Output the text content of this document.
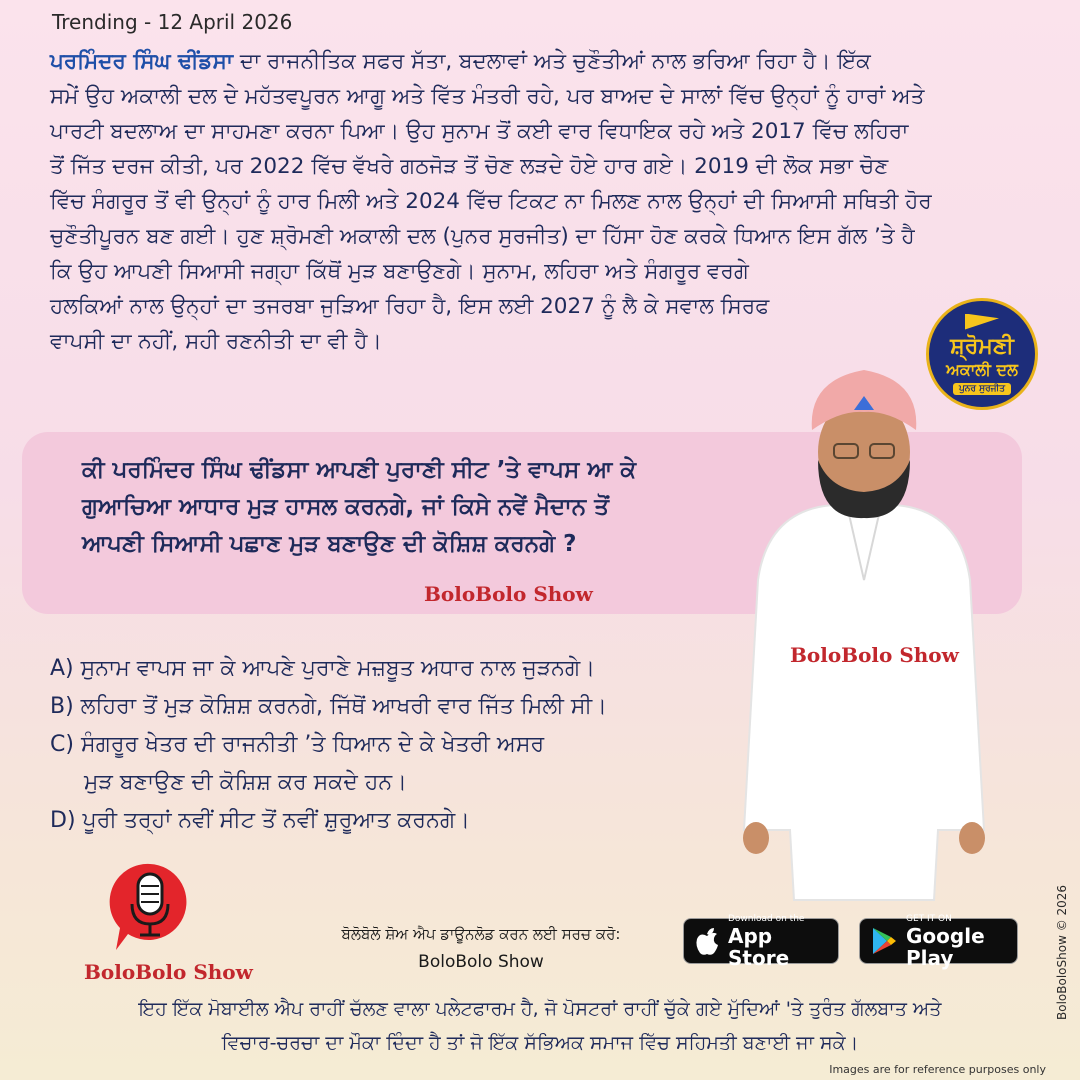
Trending - 12 April 2026
ਪਰਮਿੰਦਰ ਸਿੰਘ ਢੀਂਡਸਾ ਦਾ ਰਾਜਨੀਤਿਕ ਸਫਰ ਸੱਤਾ, ਬਦਲਾਵਾਂ ਅਤੇ ਚੁਣੌਤੀਆਂ ਨਾਲ ਭਰਿਆ ਰਿਹਾ ਹੈ। ਇੱਕ
ਸਮੇਂ ਉਹ ਅਕਾਲੀ ਦਲ ਦੇ ਮਹੱਤਵਪੂਰਨ ਆਗੂ ਅਤੇ ਵਿੱਤ ਮੰਤਰੀ ਰਹੇ, ਪਰ ਬਾਅਦ ਦੇ ਸਾਲਾਂ ਵਿੱਚ ਉਨ੍ਹਾਂ ਨੂੰ ਹਾਰਾਂ ਅਤੇ
ਪਾਰਟੀ ਬਦਲਾਅ ਦਾ ਸਾਹਮਣਾ ਕਰਨਾ ਪਿਆ। ਉਹ ਸੁਨਾਮ ਤੋਂ ਕਈ ਵਾਰ ਵਿਧਾਇਕ ਰਹੇ ਅਤੇ 2017 ਵਿੱਚ ਲਹਿਰਾ
ਤੋਂ ਜਿੱਤ ਦਰਜ ਕੀਤੀ, ਪਰ 2022 ਵਿੱਚ ਵੱਖਰੇ ਗਠਜੋੜ ਤੋਂ ਚੋਣ ਲੜਦੇ ਹੋਏ ਹਾਰ ਗਏ। 2019 ਦੀ ਲੋਕ ਸਭਾ ਚੋਣ
ਵਿੱਚ ਸੰਗਰੂਰ ਤੋਂ ਵੀ ਉਨ੍ਹਾਂ ਨੂੰ ਹਾਰ ਮਿਲੀ ਅਤੇ 2024 ਵਿੱਚ ਟਿਕਟ ਨਾ ਮਿਲਣ ਨਾਲ ਉਨ੍ਹਾਂ ਦੀ ਸਿਆਸੀ ਸਥਿਤੀ ਹੋਰ
ਚੁਣੌਤੀਪੂਰਨ ਬਣ ਗਈ। ਹੁਣ ਸ਼੍ਰੋਮਣੀ ਅਕਾਲੀ ਦਲ (ਪੁਨਰ ਸੁਰਜੀਤ) ਦਾ ਹਿੱਸਾ ਹੋਣ ਕਰਕੇ ਧਿਆਨ ਇਸ ਗੱਲ ’ਤੇ ਹੈ
ਕਿ ਉਹ ਆਪਣੀ ਸਿਆਸੀ ਜਗ੍ਹਾ ਕਿੱਥੋਂ ਮੁੜ ਬਣਾਉਣਗੇ। ਸੁਨਾਮ, ਲਹਿਰਾ ਅਤੇ ਸੰਗਰੂਰ ਵਰਗੇ
ਹਲਕਿਆਂ ਨਾਲ ਉਨ੍ਹਾਂ ਦਾ ਤਜਰਬਾ ਜੁੜਿਆ ਰਿਹਾ ਹੈ, ਇਸ ਲਈ 2027 ਨੂੰ ਲੈ ਕੇ ਸਵਾਲ ਸਿਰਫ
ਵਾਪਸੀ ਦਾ ਨਹੀਂ, ਸਹੀ ਰਣਨੀਤੀ ਦਾ ਵੀ ਹੈ।	ਸ਼੍ਰੋਮਣੀ
ਅਕਾਲੀ ਦਲ
ਪੁਨਰ ਸੁਰਜੀਤ
ਕੀ ਪਰਮਿੰਦਰ ਸਿੰਘ ਢੀਂਡਸਾ ਆਪਣੀ ਪੁਰਾਣੀ ਸੀਟ ’ਤੇ ਵਾਪਸ ਆ ਕੇ
ਗੁਆਚਿਆ ਆਧਾਰ ਮੁੜ ਹਾਸਲ ਕਰਨਗੇ, ਜਾਂ ਕਿਸੇ ਨਵੇਂ ਮੈਦਾਨ ਤੋਂ
ਆਪਣੀ ਸਿਆਸੀ ਪਛਾਣ ਮੁੜ ਬਣਾਉਣ ਦੀ ਕੋਸ਼ਿਸ਼ ਕਰਨਗੇ ?
BoloBolo Show
BoloBolo Show
A) ਸੁਨਾਮ ਵਾਪਸ ਜਾ ਕੇ ਆਪਣੇ ਪੁਰਾਣੇ ਮਜ਼ਬੂਤ ਅਧਾਰ ਨਾਲ ਜੁੜਨਗੇ।
B) ਲਹਿਰਾ ਤੋਂ ਮੁੜ ਕੋਸ਼ਿਸ਼ ਕਰਨਗੇ, ਜਿੱਥੋਂ ਆਖਰੀ ਵਾਰ ਜਿੱਤ ਮਿਲੀ ਸੀ।
C) ਸੰਗਰੂਰ ਖੇਤਰ ਦੀ ਰਾਜਨੀਤੀ ’ਤੇ ਧਿਆਨ ਦੇ ਕੇ ਖੇਤਰੀ ਅਸਰ
ਮੁੜ ਬਣਾਉਣ ਦੀ ਕੋਸ਼ਿਸ਼ ਕਰ ਸਕਦੇ ਹਨ।
D) ਪੂਰੀ ਤਰ੍ਹਾਂ ਨਵੀਂ ਸੀਟ ਤੋਂ ਨਵੀਂ ਸ਼ੁਰੂਆਤ ਕਰਨਗੇ।
BoloBolo Show
ਬੋਲੋਬੋਲੋ ਸ਼ੋਅ ਐਪ ਡਾਊਨਲੋਡ ਕਰਨ ਲਈ ਸਰਚ ਕਰੋ:
BoloBolo Show
Download on the
App Store
GET IT ON
Google Play
ਇਹ ਇੱਕ ਮੋਬਾਈਲ ਐਪ ਰਾਹੀਂ ਚੱਲਣ ਵਾਲਾ ਪਲੇਟਫਾਰਮ ਹੈ, ਜੋ ਪੋਸਟਰਾਂ ਰਾਹੀਂ ਚੁੱਕੇ ਗਏ ਮੁੱਦਿਆਂ 'ਤੇ ਤੁਰੰਤ ਗੱਲਬਾਤ ਅਤੇ
ਵਿਚਾਰ-ਚਰਚਾ ਦਾ ਮੌਕਾ ਦਿੰਦਾ ਹੈ ਤਾਂ ਜੋ ਇੱਕ ਸੱਭਿਅਕ ਸਮਾਜ ਵਿੱਚ ਸਹਿਮਤੀ ਬਣਾਈ ਜਾ ਸਕੇ।
BoloBoloShow © 2026
Images are for reference purposes only
